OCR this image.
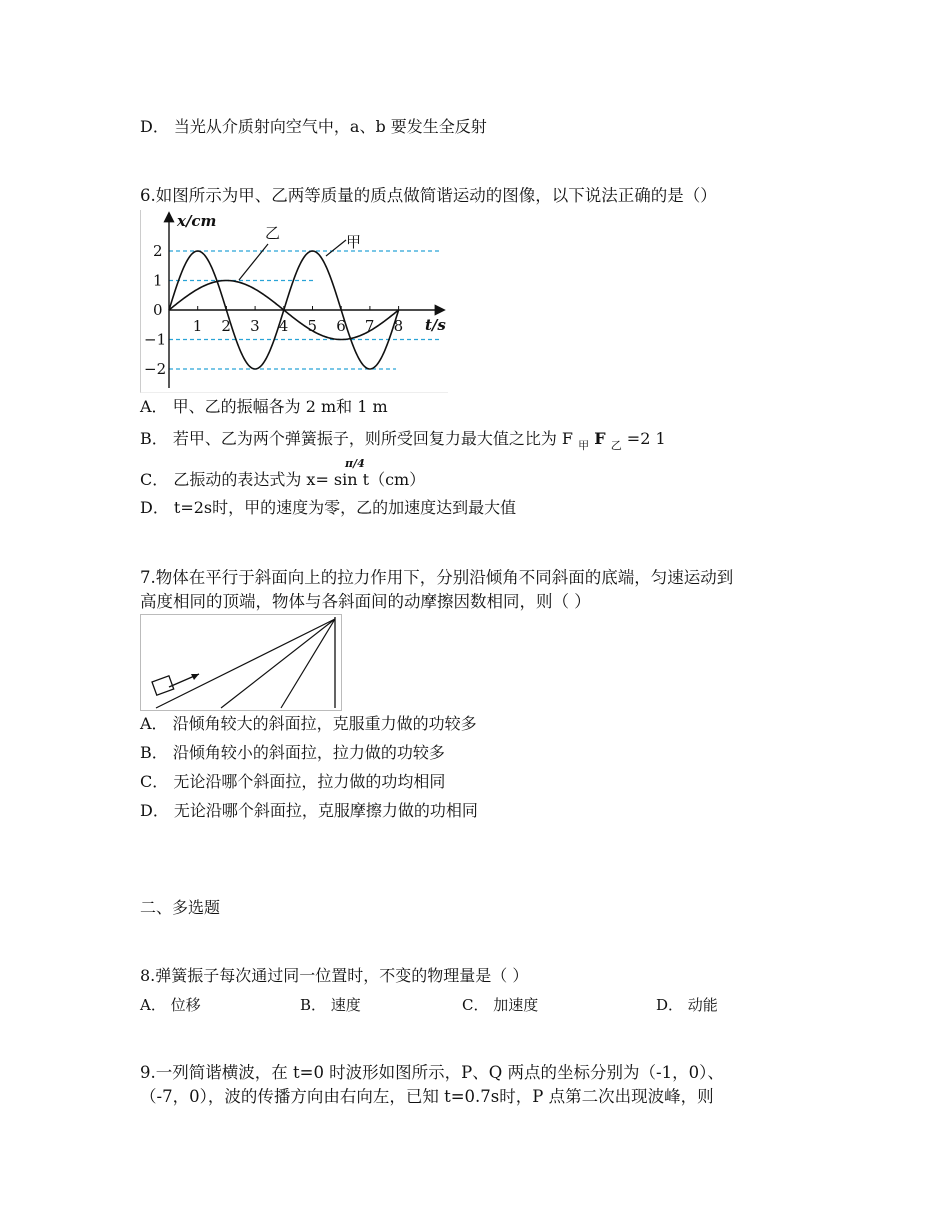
D． 当光从介质射向空气中，a、b 要发生全反射
6.如图所示为甲、乙两等质量的质点做简谐运动的图像，以下说法正确的是（）
x/cm
t/s
1 2 3 4 5 6 7 8
2
1
0
−1
−2
乙	甲
A． 甲、乙的振幅各为 2 m和 1 m
B． 若甲、乙为两个弹簧振子，则所受回复力最大值之比为 F $_甲$ F $_乙$ =2 1
C． 乙振动的表达式为 x= sin t（cm）
π/4
D． t=2s时，甲的速度为零，乙的加速度达到最大值
7.物体在平行于斜面向上的拉力作用下，分别沿倾角不同斜面的底端，匀速运动到
高度相同的顶端，物体与各斜面间的动摩擦因数相同，则（ ）
A． 沿倾角较大的斜面拉，克服重力做的功较多
B． 沿倾角较小的斜面拉，拉力做的功较多
C． 无论沿哪个斜面拉，拉力做的功均相同
D． 无论沿哪个斜面拉，克服摩擦力做的功相同
二、多选题
8.弹簧振子每次通过同一位置时，不变的物理量是（ ）
A． 位移	B． 速度	C． 加速度	D． 动能
9.一列简谐横波，在 t=0 时波形如图所示，P、Q 两点的坐标分别为（-1，0）、
（-7，0），波的传播方向由右向左，已知 t=0.7s时，P 点第二次出现波峰，则
